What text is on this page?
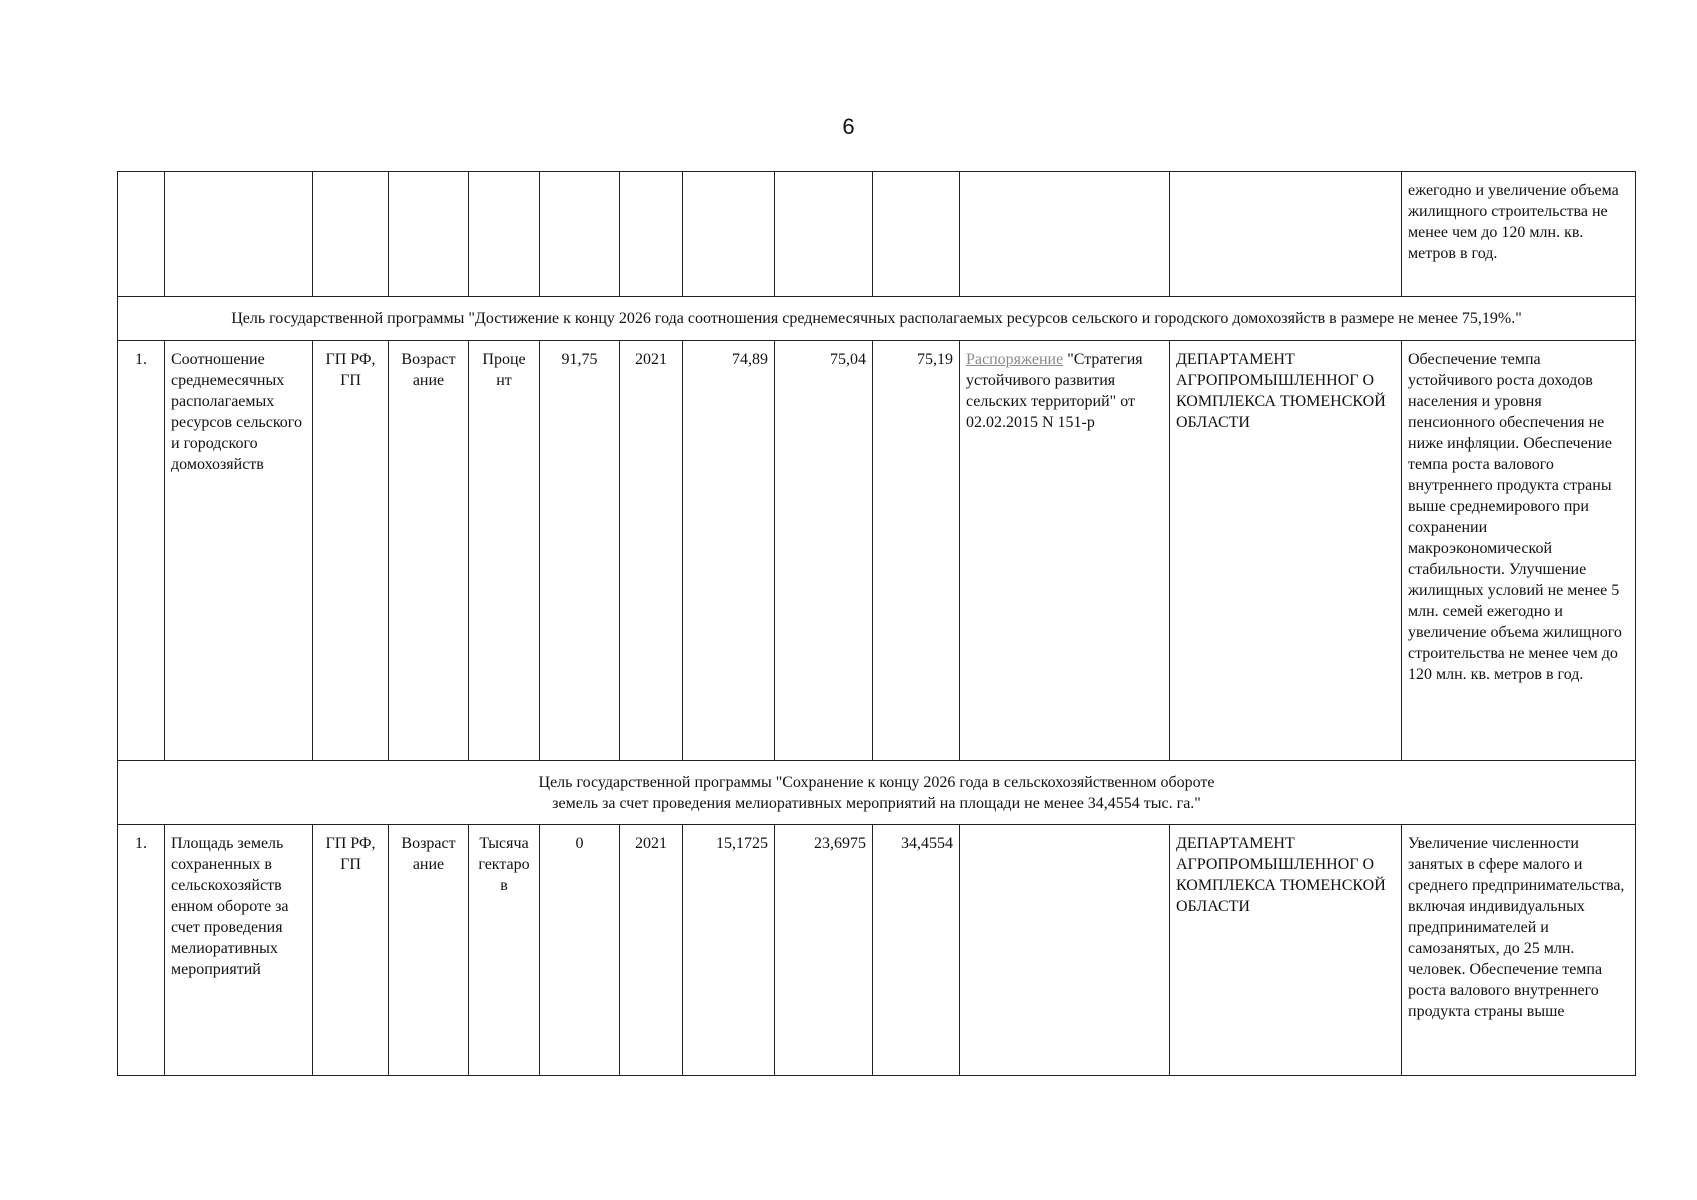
6
												ежегодно и увеличение объема жилищного строительства не менее чем до 120 млн. кв. метров в год.

Цель государственной программы "Достижение к концу 2026 года соотношения среднемесячных располагаемых ресурсов сельского и городского домохозяйств в размере не менее 75,19%."												

1.	Соотношение среднемесячных располагаемых ресурсов сельского и городского домохозяйств	ГП РФ, ГП	Возраст ание	Проце нт	91,75	2021	74,89	75,04	75,19	Распоряжение "Стратегия устойчивого развития сельских территорий" от 02.02.2015 N 151-р	ДЕПАРТАМЕНТ АГРОПРОМЫШЛЕННОГ О КОМПЛЕКСА ТЮМЕНСКОЙ ОБЛАСТИ	Обеспечение темпа устойчивого роста доходов населения и уровня пенсионного обеспечения не ниже инфляции. Обеспечение темпа роста валового внутреннего продукта страны выше среднемирового при сохранении макроэкономической стабильности. Улучшение жилищных условий не менее 5 млн. семей ежегодно и увеличение объема жилищного строительства не менее чем до 120 млн. кв. метров в год.

Цель государственной программы "Сохранение к концу 2026 года в сельскохозяйственном обороте
земель за счет проведения мелиоративных мероприятий на площади не менее 34,4554 тыс. га."												

1.	Площадь земель сохраненных в сельскохозяйств енном обороте за счет проведения мелиоративных мероприятий	ГП РФ, ГП	Возраст ание	Тысяча гектаро в	0	2021	15,1725	23,6975	34,4554		ДЕПАРТАМЕНТ АГРОПРОМЫШЛЕННОГ О КОМПЛЕКСА ТЮМЕНСКОЙ ОБЛАСТИ	Увеличение численности занятых в сфере малого и среднего предпринимательства, включая индивидуальных предпринимателей и самозанятых, до 25 млн. человек. Обеспечение темпа роста валового внутреннего продукта страны выше
